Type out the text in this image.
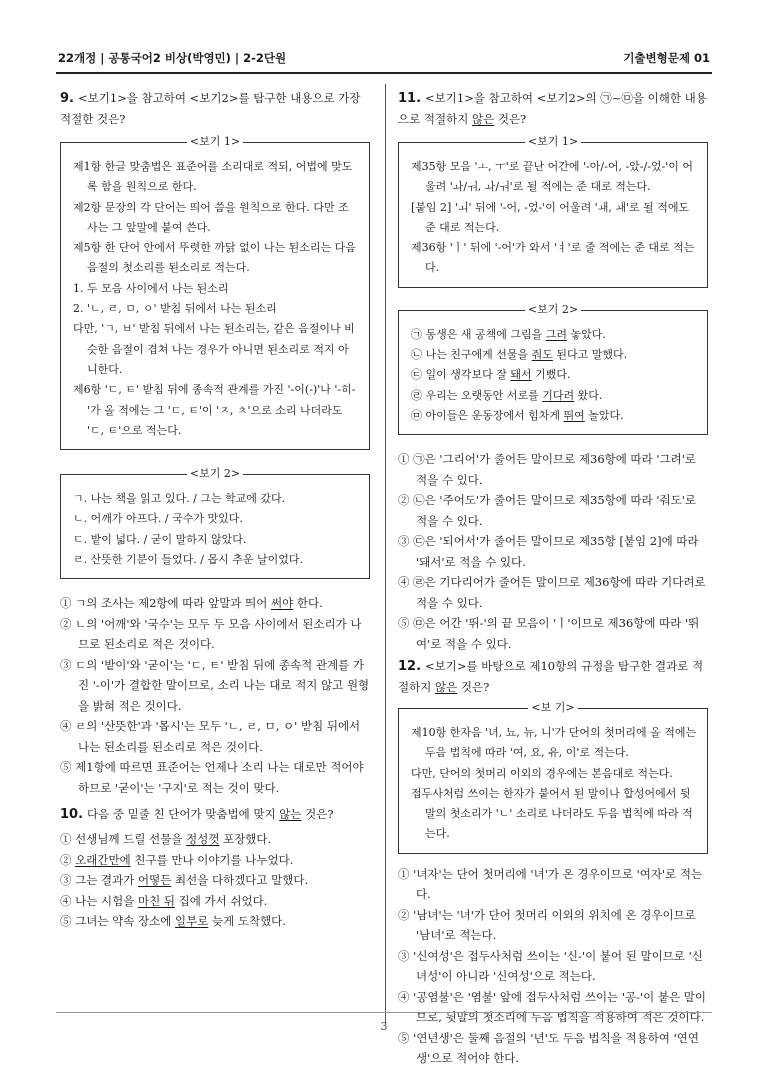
22개정 | 공통국어2 비상(박영민) | 2-2단원	기출변형문제 01

9. <보기1>을 참고하여 <보기2>를 탐구한 내용으로 가장 적절한 것은?

<보기 1>

제1항 한글 맞춤법은 표준어를 소리대로 적되, 어법에 맞도록 함을 원칙으로 한다.

제2항 문장의 각 단어는 띄어 씀을 원칙으로 한다. 다만 조사는 그 앞말에 붙여 쓴다.

제5항 한 단어 안에서 뚜렷한 까닭 없이 나는 된소리는 다음 음절의 첫소리를 된소리로 적는다.

1. 두 모음 사이에서 나는 된소리

2. 'ㄴ, ㄹ, ㅁ, ㅇ' 받침 뒤에서 나는 된소리

다만, 'ㄱ, ㅂ' 받침 뒤에서 나는 된소리는, 같은 음절이나 비슷한 음절이 겹쳐 나는 경우가 아니면 된소리로 적지 아니한다.

제6항 'ㄷ, ㅌ' 받침 뒤에 종속적 관계를 가진 '-이(-)'나 '-히-'가 올 적에는 그 'ㄷ, ㅌ'이 'ㅈ, ㅊ'으로 소리 나더라도 'ㄷ, ㅌ'으로 적는다.

<보기 2>

ㄱ. 나는 책을 읽고 있다. / 그는 학교에 갔다.

ㄴ. 어깨가 아프다. / 국수가 맛있다.

ㄷ. 밭이 넓다. / 굳이 말하지 않았다.

ㄹ. 산뜻한 기분이 들었다. / 몹시 추운 날이었다.

① ㄱ의 조사는 제2항에 따라 앞말과 띄어 써야 한다.

② ㄴ의 '어깨'와 '국수'는 모두 두 모음 사이에서 된소리가 나므로 된소리로 적은 것이다.

③ ㄷ의 '밭이'와 '굳이'는 'ㄷ, ㅌ' 받침 뒤에 종속적 관계를 가진 '-이'가 결합한 말이므로, 소리 나는 대로 적지 않고 원형을 밝혀 적은 것이다.

④ ㄹ의 '산뜻한'과 '몹시'는 모두 'ㄴ, ㄹ, ㅁ, ㅇ' 받침 뒤에서 나는 된소리를 된소리로 적은 것이다.

⑤ 제1항에 따르면 표준어는 언제나 소리 나는 대로만 적어야 하므로 '굳이'는 '구지'로 적는 것이 맞다.

10. 다음 중 밑줄 친 단어가 맞춤법에 맞지 않는 것은?

① 선생님께 드릴 선물을 정성껏 포장했다.

② 오래간만에 친구를 만나 이야기를 나누었다.

③ 그는 결과가 어떻든 최선을 다하겠다고 말했다.

④ 나는 시험을 마친 뒤 집에 가서 쉬었다.

⑤ 그녀는 약속 장소에 일부로 늦게 도착했다.

11. <보기1>을 참고하여 <보기2>의 ㉠~㉤을 이해한 내용으로 적절하지 않은 것은?

<보기 1>

제35항 모음 'ㅗ, ㅜ'로 끝난 어간에 '-아/-어, -았-/-었-'이 어울려 'ㅘ/ㅝ, ㅘ/ㅝ'로 될 적에는 준 대로 적는다.

[붙임 2] 'ㅚ' 뒤에 '-어, -었-'이 어울려 'ㅙ, ㅙ'로 될 적에도 준 대로 적는다.

제36항 'ㅣ' 뒤에 '-어'가 와서 'ㅕ'로 줄 적에는 준 대로 적는다.

<보기 2>

㉠ 동생은 새 공책에 그림을 그려 놓았다.

㉡ 나는 친구에게 선물을 줘도 된다고 말했다.

㉢ 일이 생각보다 잘 돼서 기뻤다.

㉣ 우리는 오랫동안 서로를 기다려 왔다.

㉤ 아이들은 운동장에서 힘차게 뛰여 놀았다.

① ㉠은 '그리어'가 줄어든 말이므로 제36항에 따라 '그려'로 적을 수 있다.

② ㉡은 '주어도'가 줄어든 말이므로 제35항에 따라 '줘도'로 적을 수 있다.

③ ㉢은 '되어서'가 줄어든 말이므로 제35항 [붙임 2]에 따라 '돼서'로 적을 수 있다.

④ ㉣은 기다리어가 줄어든 말이므로 제36항에 따라 기다려로 적을 수 있다.

⑤ ㉤은 어간 '뛰-'의 끝 모음이 'ㅣ'이므로 제36항에 따라 '뛰여'로 적을 수 있다.

12. <보기>를 바탕으로 제10항의 규정을 탐구한 결과로 적절하지 않은 것은?

<보 기>

제10항 한자음 '녀, 뇨, 뉴, 니'가 단어의 첫머리에 올 적에는 두음 법칙에 따라 '여, 요, 유, 이'로 적는다.

다만, 단어의 첫머리 이외의 경우에는 본음대로 적는다.

접두사처럼 쓰이는 한자가 붙어서 된 말이나 합성어에서 뒷말의 첫소리가 'ㄴ' 소리로 나더라도 두음 법칙에 따라 적는다.

① '녀자'는 단어 첫머리에 '녀'가 온 경우이므로 '여자'로 적는다.

② '남녀'는 '녀'가 단어 첫머리 이외의 위치에 온 경우이므로 '남녀'로 적는다.

③ '신여성'은 접두사처럼 쓰이는 '신-'이 붙어 된 말이므로 '신녀성'이 아니라 '신여성'으로 적는다.

④ '공염불'은 '염불' 앞에 접두사처럼 쓰이는 '공-'이 붙은 말이므로, 뒷말의 첫소리에 두음 법칙을 적용하여 적은 것이다.

⑤ '연년생'은 둘째 음절의 '년'도 두음 법칙을 적용하여 '연연생'으로 적어야 한다.

3
